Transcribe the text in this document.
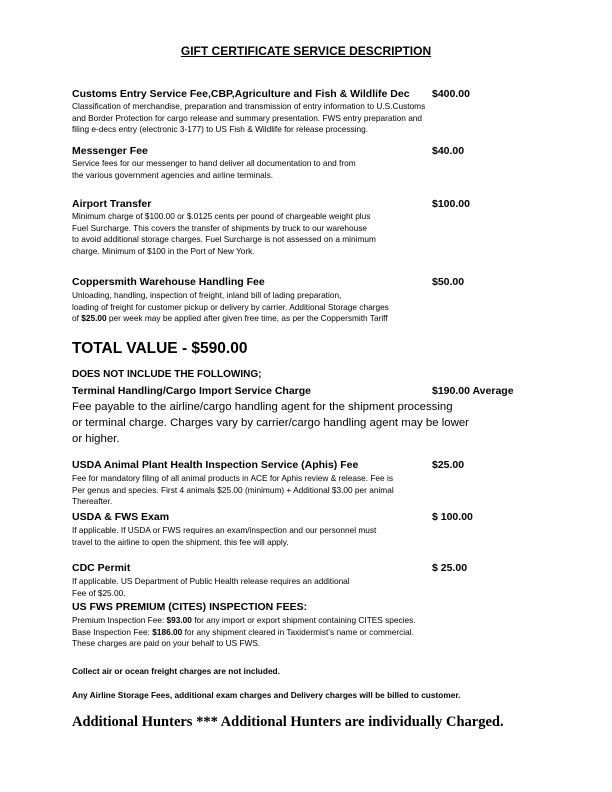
GIFT CERTIFICATE SERVICE DESCRIPTION
Customs Entry Service Fee,CBP,Agriculture and Fish & Wildlife Dec $400.00
Classification of merchandise, preparation and transmission of entry information to U.S.Customs
and Border Protection for cargo release and summary presentation. FWS entry preparation and
filing e-decs entry (electronic 3-177) to US Fish & Wildlife for release processing.
Messenger Fee	$40.00
Service fees for our messenger to hand deliver all documentation to and from
the various government agencies and airline terminals.
Airport Transfer	$100.00
Minimum charge of $100.00 or $.0125 cents per pound of chargeable weight plus
Fuel Surcharge. This covers the transfer of shipments by truck to our warehouse
to avoid additional storage charges. Fuel Surcharge is not assessed on a minimum
charge. Minimum of $100 in the Port of New York.
Coppersmith Warehouse Handling Fee	$50.00
Unloading, handling, inspection of freight, inland bill of lading preparation,
loading of freight for customer pickup or delivery by carrier. Additional Storage charges
of $25.00 per week may be applied after given free time, as per the Coppersmith Tariff
TOTAL VALUE - $590.00
DOES NOT INCLUDE THE FOLLOWING;
Terminal Handling/Cargo Import Service Charge	$190.00 Average
Fee payable to the airline/cargo handling agent for the shipment processing
or terminal charge. Charges vary by carrier/cargo handling agent may be lower
or higher.
USDA Animal Plant Health Inspection Service (Aphis) Fee	$25.00
Fee for mandatory filing of all animal products in ACE for Aphis review & release. Fee is
Per genus and species. First 4 animals $25.00 (minimum) + Additional $3.00 per animal
Thereafter.
USDA & FWS Exam	$ 100.00
If applicable. If USDA or FWS requires an exam/inspection and our personnel must
travel to the airline to open the shipment, this fee will apply.
CDC Permit	$ 25.00
If applicable. US Department of Public Health release requires an additional
Fee of $25.00.
US FWS PREMIUM (CITES) INSPECTION FEES:
Premium Inspection Fee: $93.00 for any import or export shipment containing CITES species.
Base Inspection Fee: $186.00 for any shipment cleared in Taxidermist’s name or commercial.
These charges are paid on your behalf to US FWS.
Collect air or ocean freight charges are not included.
Any Airline Storage Fees, additional exam charges and Delivery charges will be billed to customer.
Additional Hunters *** Additional Hunters are individually Charged.
